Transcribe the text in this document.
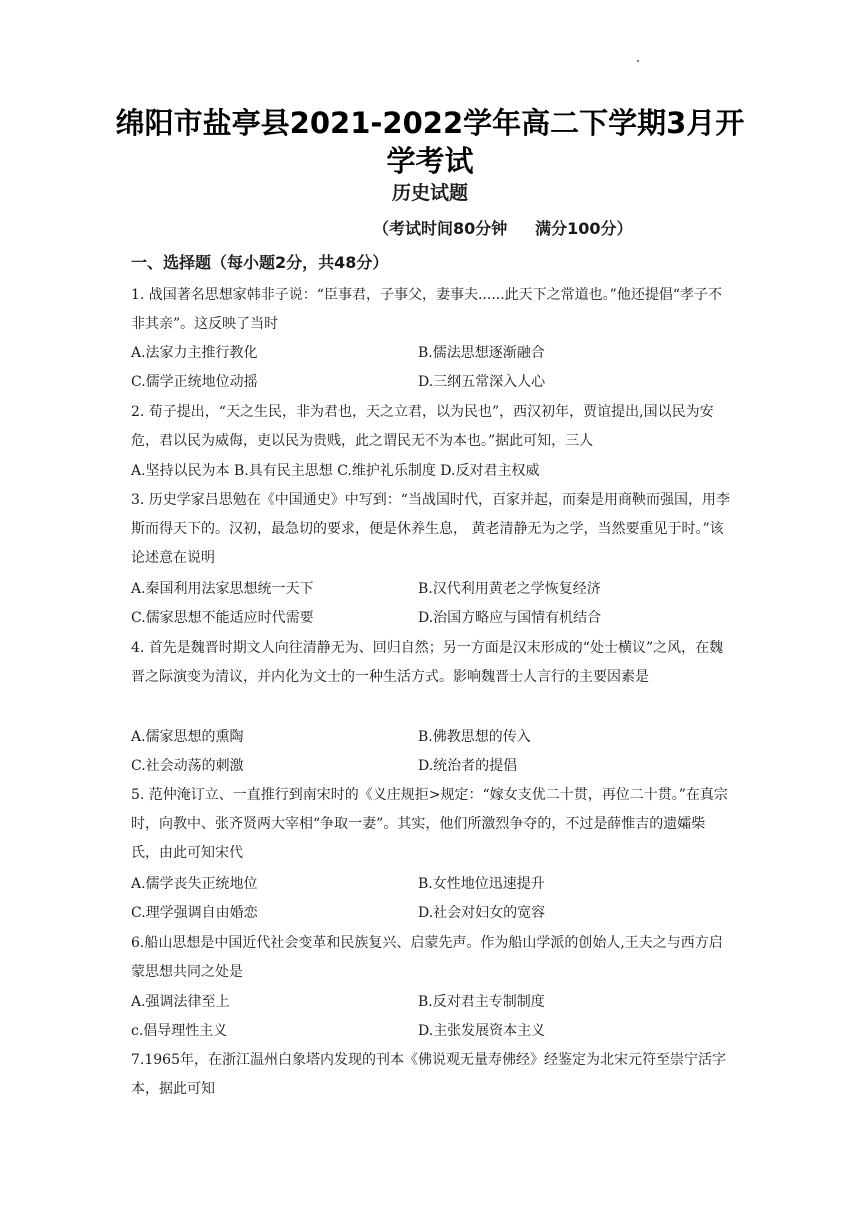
绵阳市盐亭县2021-2022学年高二下学期3月开学考试
历史试题
（考试时间80分钟     满分100分）
一、选择题（每小题2分，共48分）
1. 战国著名思想家韩非子说：“臣事君，子事父，妻事夫......此天下之常道也。”他还提倡“孝子不非其亲”。这反映了当时
A.法家力主推行教化	B.儒法思想逐渐融合
C.儒学正统地位动摇	D.三纲五常深入人心
2. 荀子提出，“天之生民，非为君也，天之立君，以为民也”，西汉初年，贾谊提出,国以民为安危，君以民为威侮，吏以民为贵贱，此之谓民无不为本也。”据此可知，三人
A.坚持以民为本 B.具有民主思想 C.维护礼乐制度 D.反对君主权威
3. 历史学家吕思勉在《中国通史》中写到：“当战国时代，百家并起，而秦是用商鞅而强国，用李斯而得天下的。汉初，最急切的要求，便是休养生息， 黄老清静无为之学，当然要重见于时。”该论述意在说明
A.秦国利用法家思想统一天下	B.汉代利用黄老之学恢复经济
C.儒家思想不能适应时代需要	D.治国方略应与国情有机结合
4. 首先是魏晋时期文人向往清静无为、回归自然；另一方面是汉末形成的“处士横议”之风，在魏晋之际演变为清议，并内化为文士的一种生活方式。影响魏晋士人言行的主要因素是
A.儒家思想的熏陶	B.佛教思想的传入
C.社会动荡的刺激	D.统治者的提倡
5. 范仲淹订立、一直推行到南宋时的《义庄规拒>规定：“嫁女支优二十贯，再位二十贯。”在真宗时，向教中、张齐贤两大宰相“争取一妻”。其实，他们所激烈争夺的，不过是薛惟吉的遗孀柴氏，由此可知宋代
A.儒学丧失正统地位	B.女性地位迅速提升
C.理学强调自由婚恋	D.社会对妇女的宽容
6.船山思想是中国近代社会变革和民族复兴、启蒙先声。作为船山学派的创始人,王夫之与西方启蒙思想共同之处是
A.强调法律至上	B.反对君主专制制度
c.倡导理性主义	D.主张发展资本主义
7.1965年，在浙江温州白象塔内发现的刊本《佛说观无量寿佛经》经鉴定为北宋元符至崇宁活字本，据此可知
